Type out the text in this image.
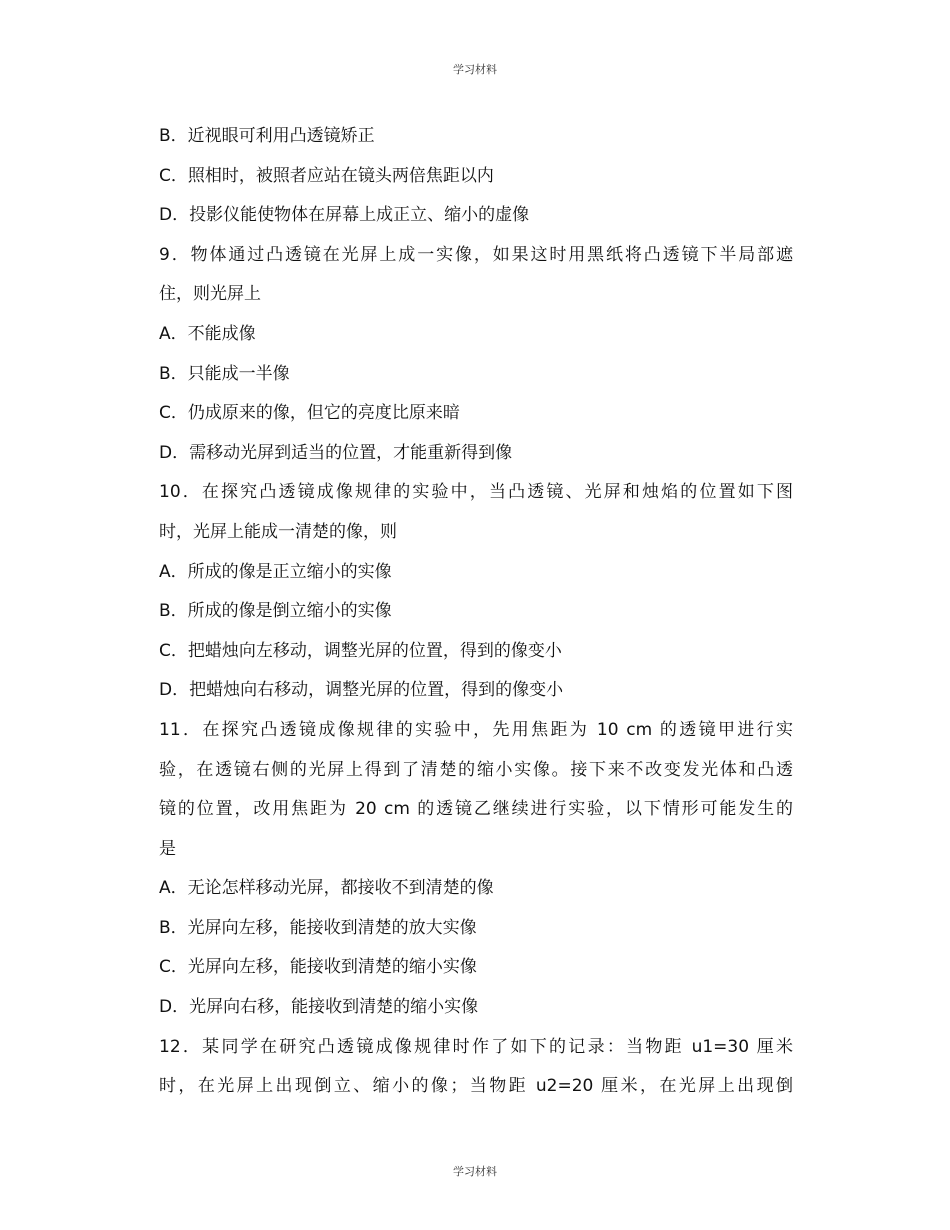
学习材料
B．近视眼可利用凸透镜矫正
C．照相时，被照者应站在镜头两倍焦距以内
D．投影仪能使物体在屏幕上成正立、缩小的虚像
9．物体通过凸透镜在光屏上成一实像，如果这时用黑纸将凸透镜下半局部遮
住，则光屏上
A．不能成像
B．只能成一半像
C．仍成原来的像，但它的亮度比原来暗
D．需移动光屏到适当的位置，才能重新得到像
10．在探究凸透镜成像规律的实验中，当凸透镜、光屏和烛焰的位置如下图
时，光屏上能成一清楚的像，则
A．所成的像是正立缩小的实像
B．所成的像是倒立缩小的实像
C．把蜡烛向左移动，调整光屏的位置，得到的像变小
D．把蜡烛向右移动，调整光屏的位置，得到的像变小
11．在探究凸透镜成像规律的实验中，先用焦距为 10 cm 的透镜甲进行实
验，在透镜右侧的光屏上得到了清楚的缩小实像。接下来不改变发光体和凸透
镜的位置，改用焦距为 20 cm 的透镜乙继续进行实验，以下情形可能发生的
是
A．无论怎样移动光屏，都接收不到清楚的像
B．光屏向左移，能接收到清楚的放大实像
C．光屏向左移，能接收到清楚的缩小实像
D．光屏向右移，能接收到清楚的缩小实像
12．某同学在研究凸透镜成像规律时作了如下的记录：当物距 u1=30 厘米
时，在光屏上出现倒立、缩小的像；当物距 u2=20 厘米，在光屏上出现倒
学习材料
